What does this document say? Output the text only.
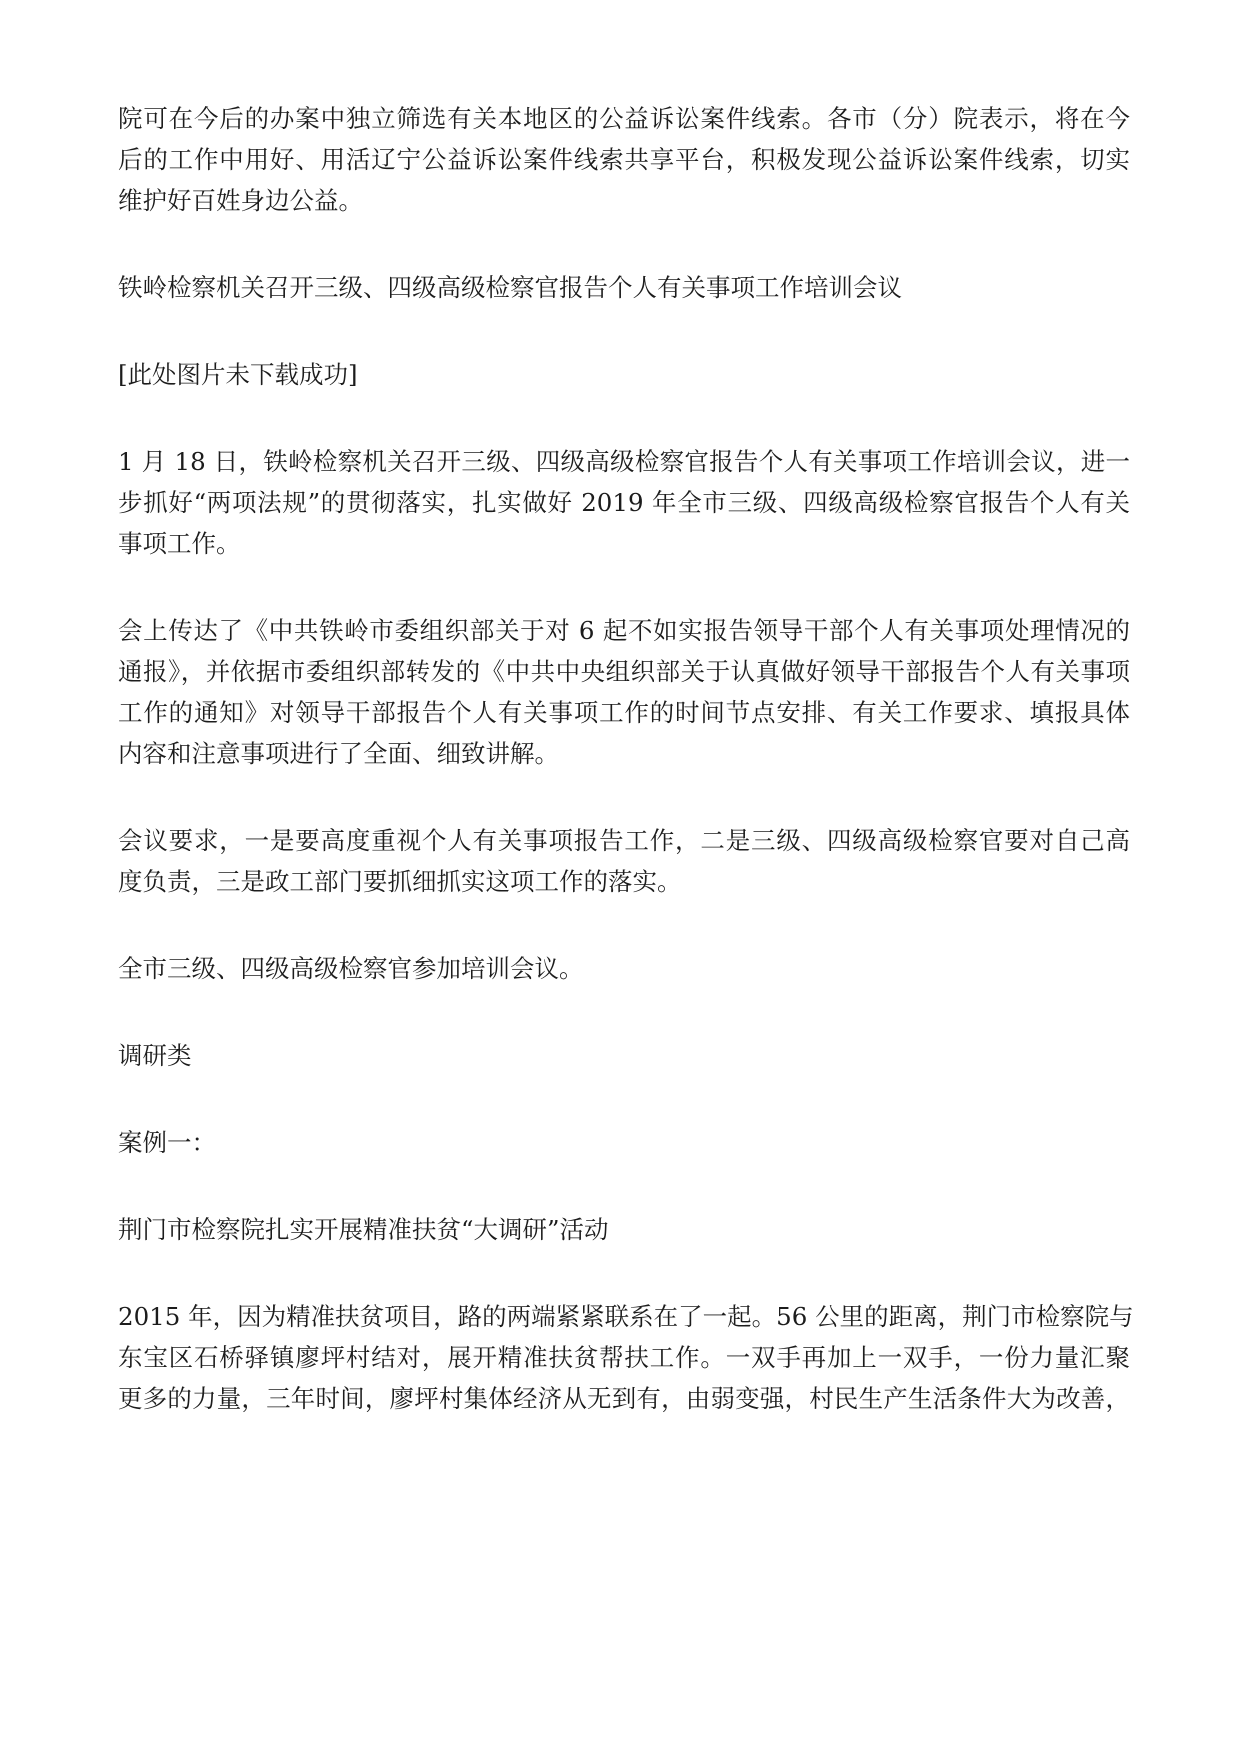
院可在今后的办案中独立筛选有关本地区的公益诉讼案件线索。各市（分）院表示，将在今
后的工作中用好、用活辽宁公益诉讼案件线索共享平台，积极发现公益诉讼案件线索，切实
维护好百姓身边公益。

铁岭检察机关召开三级、四级高级检察官报告个人有关事项工作培训会议

[此处图片未下载成功]

1 月 18 日，铁岭检察机关召开三级、四级高级检察官报告个人有关事项工作培训会议，进一
步抓好“两项法规”的贯彻落实，扎实做好 2019 年全市三级、四级高级检察官报告个人有关
事项工作。

会上传达了《中共铁岭市委组织部关于对 6 起不如实报告领导干部个人有关事项处理情况的
通报》，并依据市委组织部转发的《中共中央组织部关于认真做好领导干部报告个人有关事项
工作的通知》对领导干部报告个人有关事项工作的时间节点安排、有关工作要求、填报具体
内容和注意事项进行了全面、细致讲解。

会议要求，一是要高度重视个人有关事项报告工作，二是三级、四级高级检察官要对自己高
度负责，三是政工部门要抓细抓实这项工作的落实。

全市三级、四级高级检察官参加培训会议。

调研类

案例一：

荆门市检察院扎实开展精准扶贫“大调研”活动

2015 年，因为精准扶贫项目，路的两端紧紧联系在了一起。56 公里的距离，荆门市检察院与
东宝区石桥驿镇廖坪村结对，展开精准扶贫帮扶工作。一双手再加上一双手，一份力量汇聚
更多的力量，三年时间，廖坪村集体经济从无到有，由弱变强，村民生产生活条件大为改善，
